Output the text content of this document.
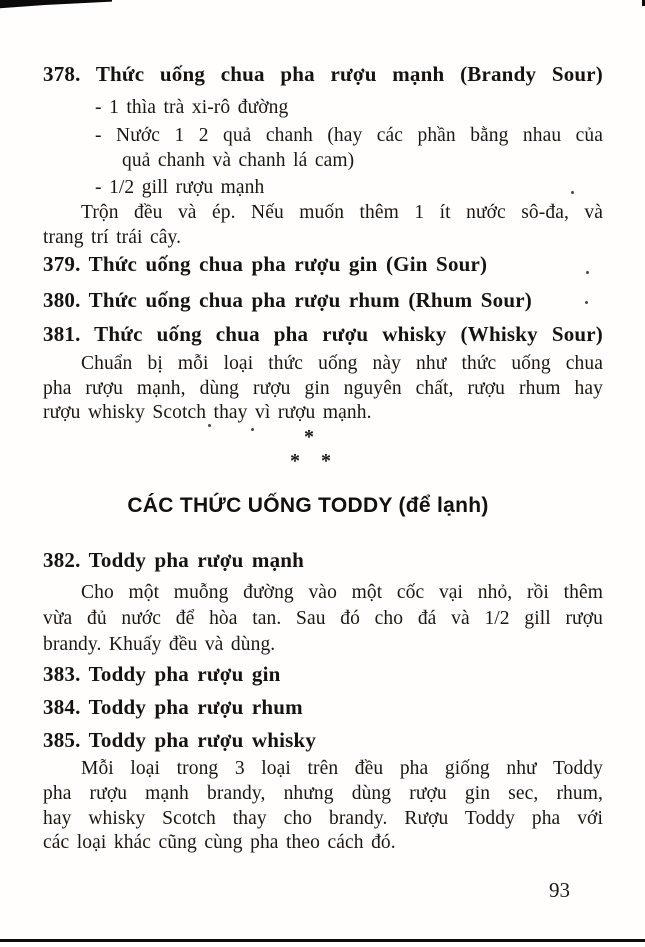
378. Thức uống chua pha rượu mạnh (Brandy Sour)
- 1 thìa trà xi-rô đường
- Nước 1 2 quả chanh (hay các phần bằng nhau của
quả chanh và chanh lá cam)
- 1/2 gill rượu mạnh
Trộn đều và ép. Nếu muốn thêm 1 ít nước sô-đa, và
trang trí trái cây.
379. Thức uống chua pha rượu gin (Gin Sour)
380. Thức uống chua pha rượu rhum (Rhum Sour)
381. Thức uống chua pha rượu whisky (Whisky Sour)
Chuẩn bị mỗi loại thức uống này như thức uống chua
pha rượu mạnh, dùng rượu gin nguyên chất, rượu rhum hay
rượu whisky Scotch thay vì rượu mạnh.
*
* *
CÁC THỨC UỐNG TODDY (để lạnh)
382. Toddy pha rượu mạnh
Cho một muỗng đường vào một cốc vại nhỏ, rồi thêm
vừa đủ nước để hòa tan. Sau đó cho đá và 1/2 gill rượu
brandy. Khuấy đều và dùng.
383. Toddy pha rượu gin
384. Toddy pha rượu rhum
385. Toddy pha rượu whisky
Mỗi loại trong 3 loại trên đều pha giống như Toddy
pha rượu mạnh brandy, nhưng dùng rượu gin sec, rhum,
hay whisky Scotch thay cho brandy. Rượu Toddy pha với
các loại khác cũng cùng pha theo cách đó.
93
